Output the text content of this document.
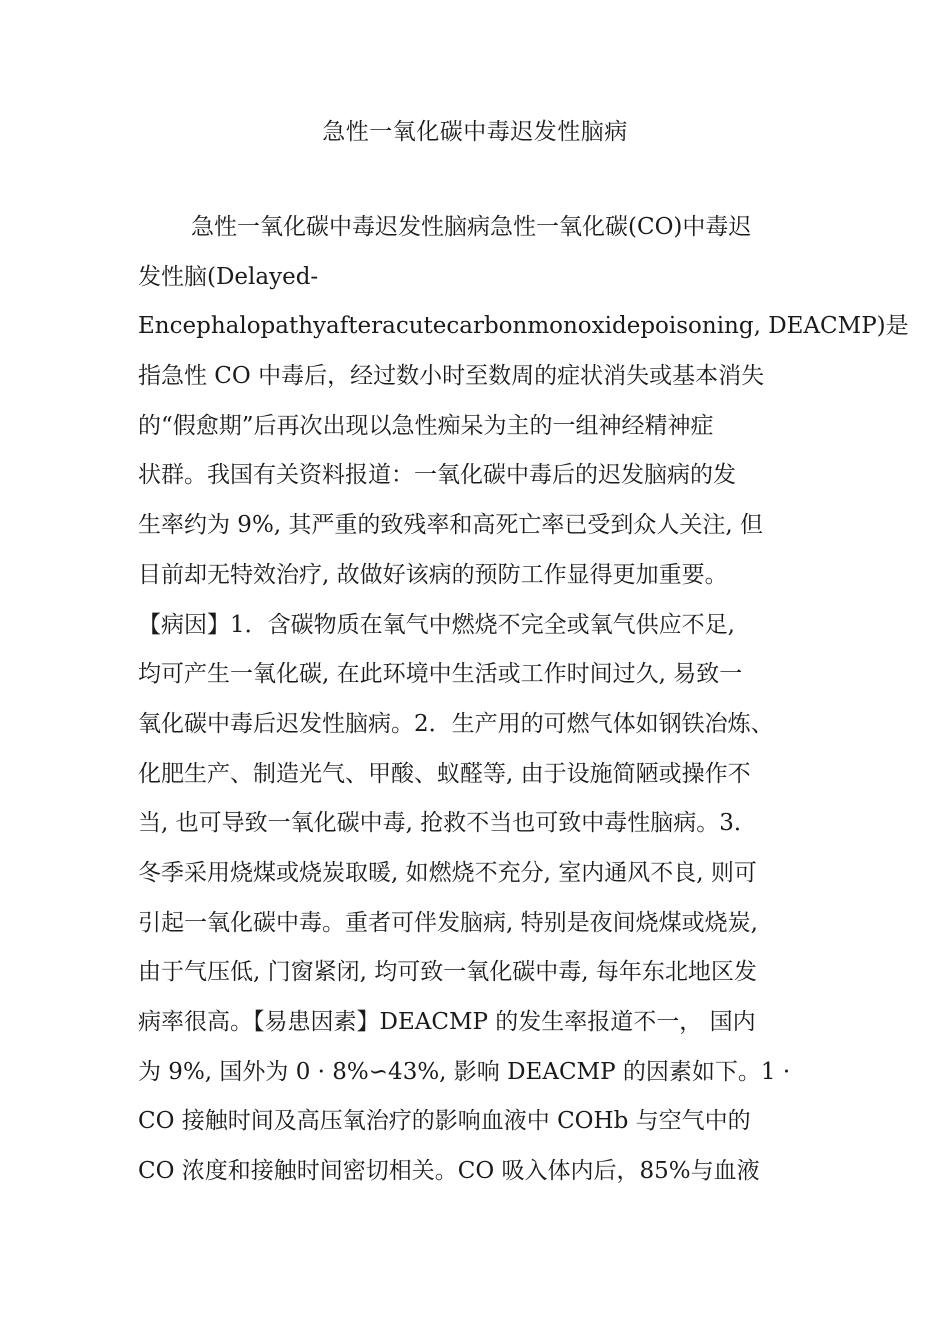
急性一氧化碳中毒迟发性脑病
急性一氧化碳中毒迟发性脑病急性一氧化碳(CO)中毒迟
发性脑(Delayed-
Encephalopathyafteracutecarbonmonoxidepoisoning, DEACMP)是
指急性 CO 中毒后，经过数小时至数周的症状消失或基本消失
的“假愈期”后再次出现以急性痴呆为主的一组神经精神症
状群。我国有关资料报道：一氧化碳中毒后的迟发脑病的发
生率约为 9%, 其严重的致残率和高死亡率已受到众人关注, 但
目前却无特效治疗, 故做好该病的预防工作显得更加重要。
【病因】1．含碳物质在氧气中燃烧不完全或氧气供应不足,
均可产生一氧化碳, 在此环境中生活或工作时间过久, 易致一
氧化碳中毒后迟发性脑病。2．生产用的可燃气体如钢铁冶炼、
化肥生产、制造光气、甲酸、蚁醛等, 由于设施简陋或操作不
当, 也可导致一氧化碳中毒, 抢救不当也可致中毒性脑病。3．
冬季采用烧煤或烧炭取暖, 如燃烧不充分, 室内通风不良, 则可
引起一氧化碳中毒。重者可伴发脑病, 特别是夜间烧煤或烧炭,
由于气压低, 门窗紧闭, 均可致一氧化碳中毒, 每年东北地区发
病率很高。【易患因素】DEACMP 的发生率报道不一， 国内
为 9%, 国外为 0 · 8%∽43%, 影响 DEACMP 的因素如下。1 ·
CO 接触时间及高压氧治疗的影响血液中 COHb 与空气中的
CO 浓度和接触时间密切相关。CO 吸入体内后，85%与血液
